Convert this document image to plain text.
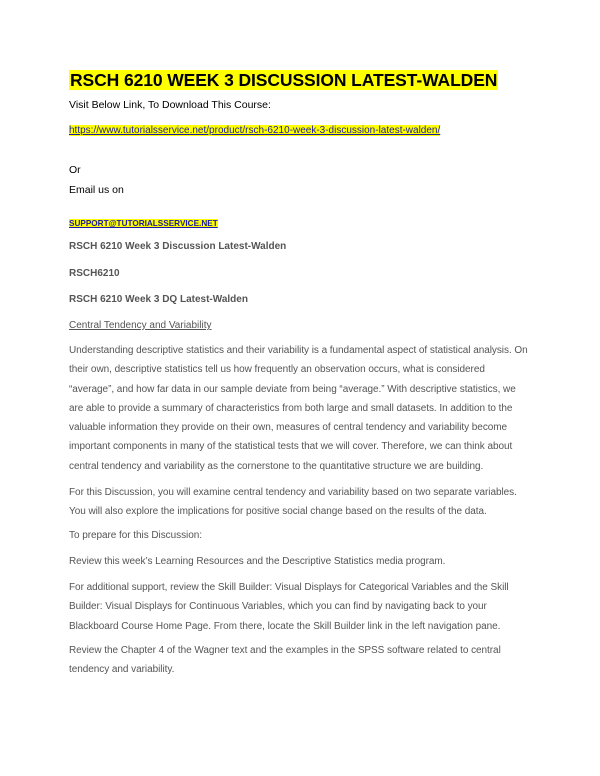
RSCH 6210 WEEK 3 DISCUSSION LATEST-WALDEN

Visit Below Link, To Download This Course:

https://www.tutorialsservice.net/product/rsch-6210-week-3-discussion-latest-walden/

Or

Email us on

SUPPORT@TUTORIALSSERVICE.NET

RSCH 6210 Week 3 Discussion Latest-Walden

RSCH6210

RSCH 6210 Week 3 DQ Latest-Walden

Central Tendency and Variability

Understanding descriptive statistics and their variability is a fundamental aspect of statistical analysis. On their own, descriptive statistics tell us how frequently an observation occurs, what is considered “average”, and how far data in our sample deviate from being “average.” With descriptive statistics, we are able to provide a summary of characteristics from both large and small datasets. In addition to the valuable information they provide on their own, measures of central tendency and variability become important components in many of the statistical tests that we will cover. Therefore, we can think about central tendency and variability as the cornerstone to the quantitative structure we are building.

For this Discussion, you will examine central tendency and variability based on two separate variables. You will also explore the implications for positive social change based on the results of the data.

To prepare for this Discussion:

Review this week’s Learning Resources and the Descriptive Statistics media program.

For additional support, review the Skill Builder: Visual Displays for Categorical Variables and the Skill Builder: Visual Displays for Continuous Variables, which you can find by navigating back to your Blackboard Course Home Page. From there, locate the Skill Builder link in the left navigation pane.

Review the Chapter 4 of the Wagner text and the examples in the SPSS software related to central tendency and variability.
